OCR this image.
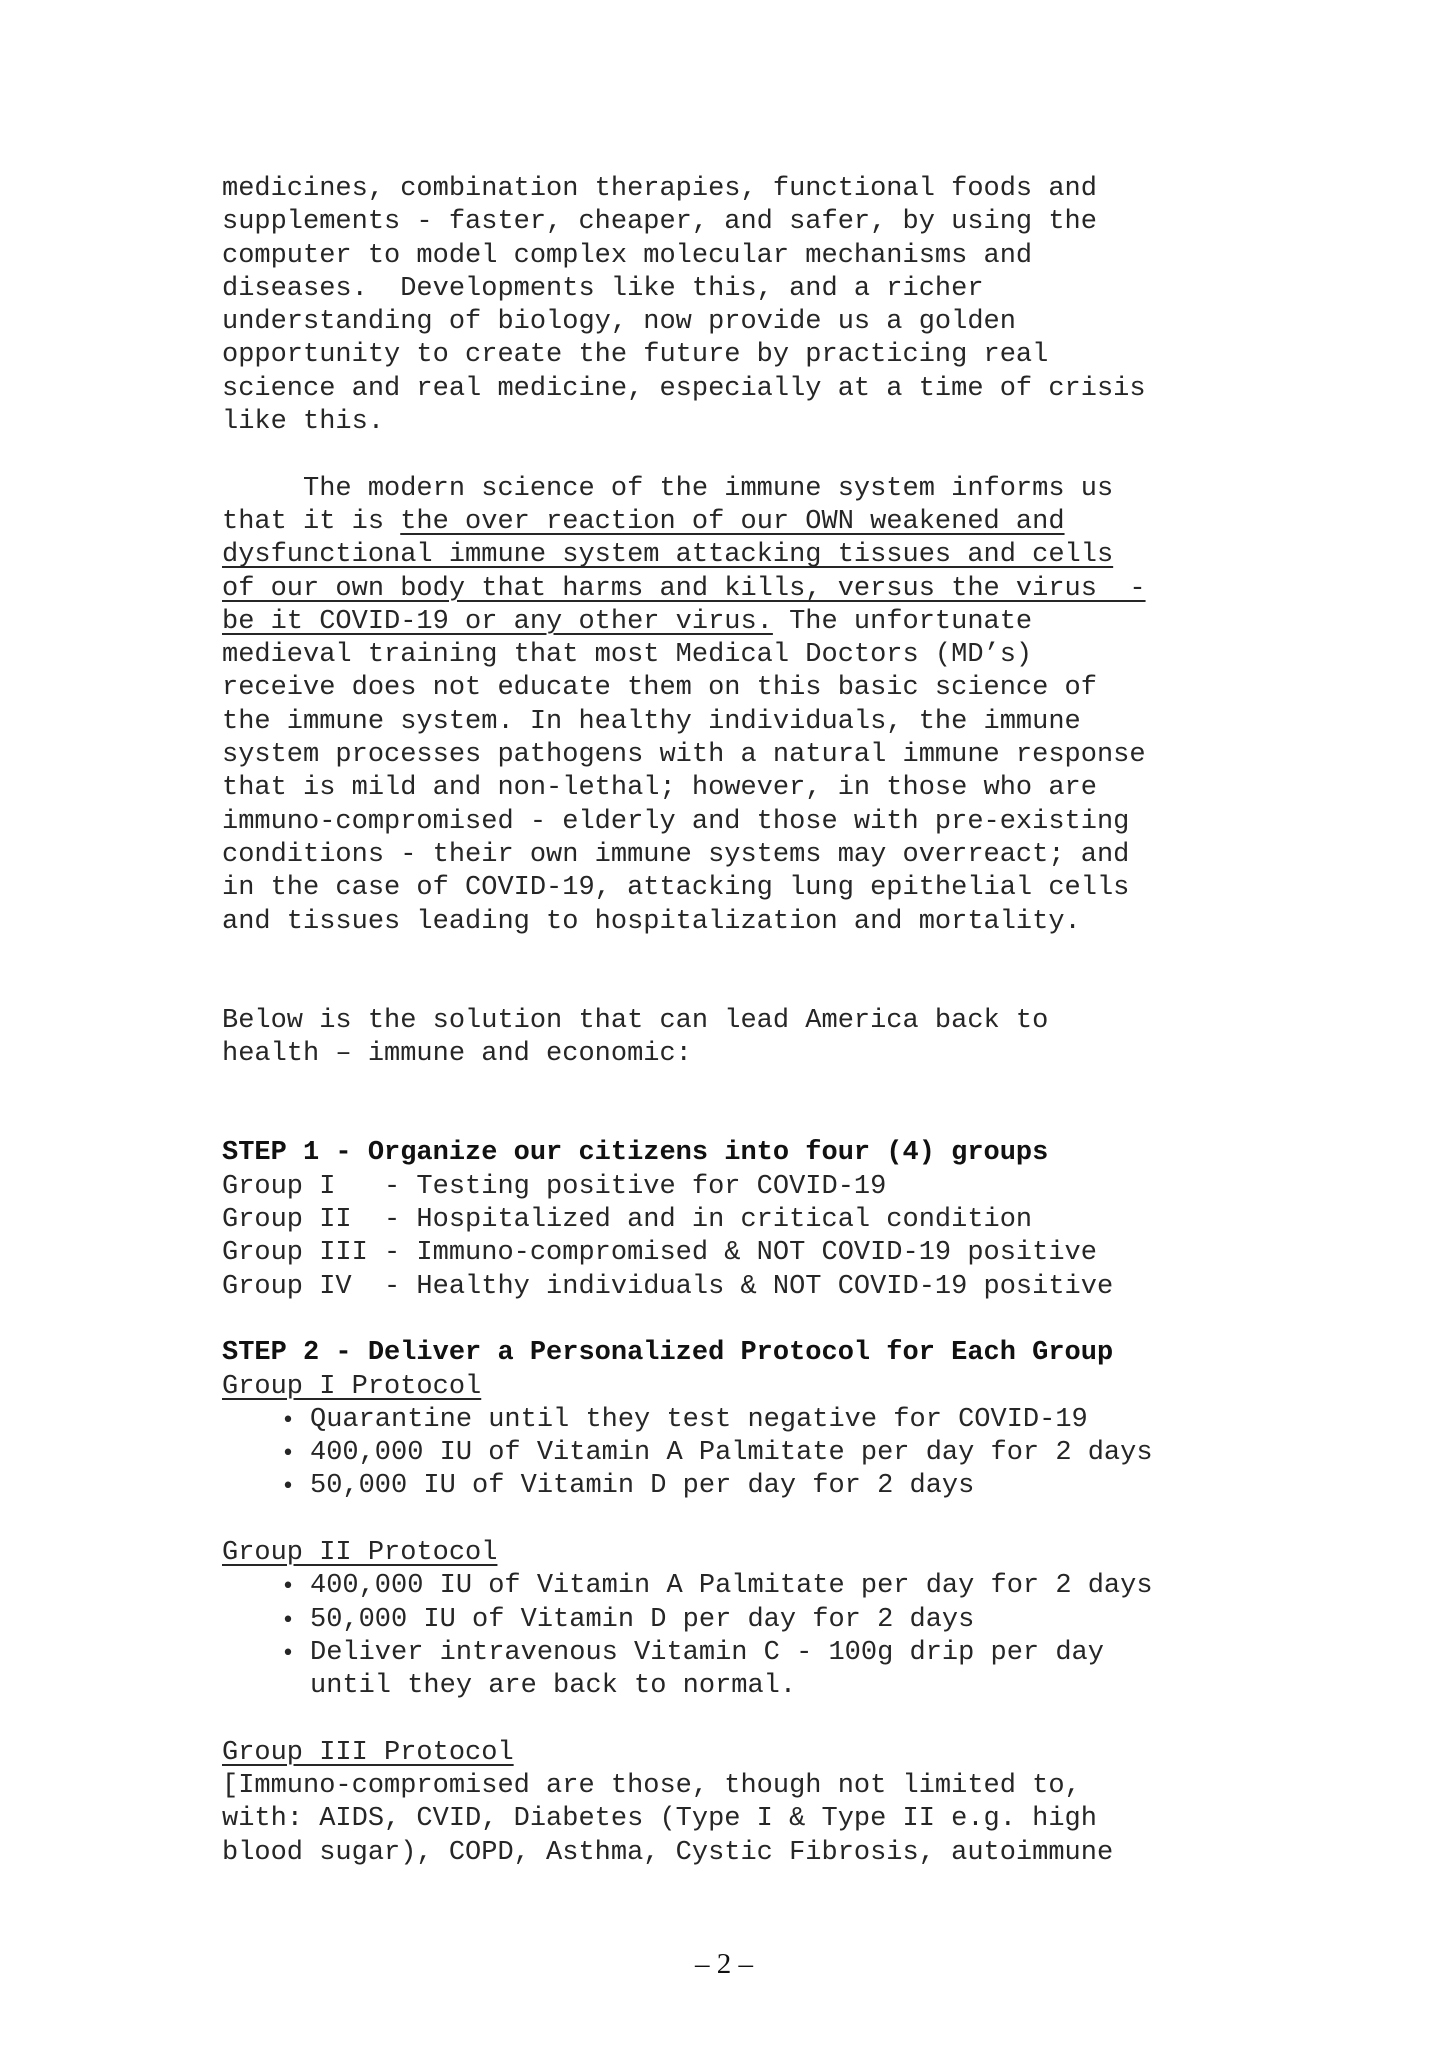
medicines, combination therapies, functional foods and
supplements - faster, cheaper, and safer, by using the
computer to model complex molecular mechanisms and
diseases.  Developments like this, and a richer
understanding of biology, now provide us a golden
opportunity to create the future by practicing real
science and real medicine, especially at a time of crisis
like this.
The modern science of the immune system informs us
that it is the over reaction of our OWN weakened and
dysfunctional immune system attacking tissues and cells
of our own body that harms and kills, versus the virus  -
be it COVID-19 or any other virus. The unfortunate
medieval training that most Medical Doctors (MD’s)
receive does not educate them on this basic science of
the immune system. In healthy individuals, the immune
system processes pathogens with a natural immune response
that is mild and non-lethal; however, in those who are
immuno-compromised - elderly and those with pre-existing
conditions - their own immune systems may overreact; and
in the case of COVID-19, attacking lung epithelial cells
and tissues leading to hospitalization and mortality.
Below is the solution that can lead America back to
health – immune and economic:
STEP 1 - Organize our citizens into four (4) groups
Group I   - Testing positive for COVID-19
Group II  - Hospitalized and in critical condition
Group III - Immuno-compromised & NOT COVID-19 positive
Group IV  - Healthy individuals & NOT COVID-19 positive
STEP 2 - Deliver a Personalized Protocol for Each Group
Group I Protocol
• Quarantine until they test negative for COVID-19
• 400,000 IU of Vitamin A Palmitate per day for 2 days
• 50,000 IU of Vitamin D per day for 2 days
Group II Protocol
• 400,000 IU of Vitamin A Palmitate per day for 2 days
• 50,000 IU of Vitamin D per day for 2 days
• Deliver intravenous Vitamin C - 100g drip per day
until they are back to normal.
Group III Protocol
[Immuno-compromised are those, though not limited to,
with: AIDS, CVID, Diabetes (Type I & Type II e.g. high
blood sugar), COPD, Asthma, Cystic Fibrosis, autoimmune
– 2 –
